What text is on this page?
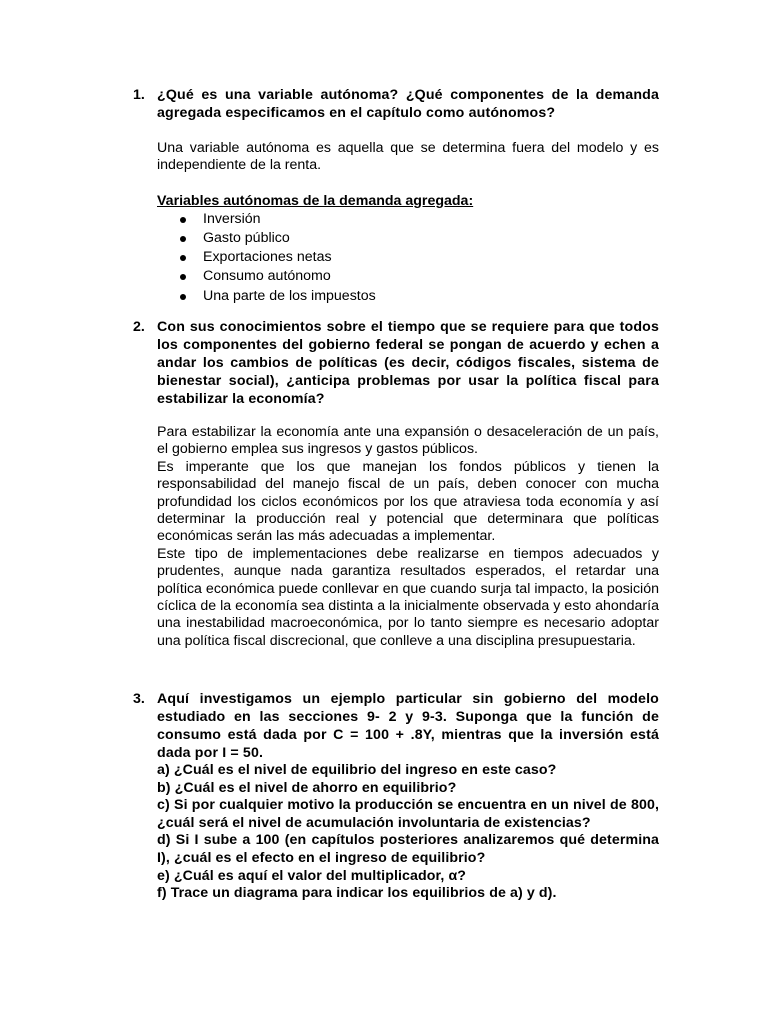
1. ¿Qué es una variable autónoma? ¿Qué componentes de la demanda agregada especificamos en el capítulo como autónomos?

Una variable autónoma es aquella que se determina fuera del modelo y es independiente de la renta.

Variables autónomas de la demanda agregada:
Inversión
Gasto público
Exportaciones netas
Consumo autónomo
Una parte de los impuestos
2. Con sus conocimientos sobre el tiempo que se requiere para que todos los componentes del gobierno federal se pongan de acuerdo y echen a andar los cambios de políticas (es decir, códigos fiscales, sistema de bienestar social), ¿anticipa problemas por usar la política fiscal para estabilizar la economía?

Para estabilizar la economía ante una expansión o desaceleración de un país, el gobierno emplea sus ingresos y gastos públicos.

Es imperante que los que manejan los fondos públicos y tienen la responsabilidad del manejo fiscal de un país, deben conocer con mucha profundidad los ciclos económicos por los que atraviesa toda economía y así determinar la producción real y potencial que determinara que políticas económicas serán las más adecuadas a implementar.

Este tipo de implementaciones debe realizarse en tiempos adecuados y prudentes, aunque nada garantiza resultados esperados, el retardar una política económica puede conllevar en que cuando surja tal impacto, la posición cíclica de la economía sea distinta a la inicialmente observada y esto ahondaría una inestabilidad macroeconómica, por lo tanto siempre es necesario adoptar una política fiscal discrecional, que conlleve a una disciplina presupuestaria.

3. Aquí investigamos un ejemplo particular sin gobierno del modelo estudiado en las secciones 9- 2 y 9-3. Suponga que la función de consumo está dada por C = 100 + .8Y, mientras que la inversión está dada por I = 50.
a) ¿Cuál es el nivel de equilibrio del ingreso en este caso?
b) ¿Cuál es el nivel de ahorro en equilibrio?
c) Si por cualquier motivo la producción se encuentra en un nivel de 800, ¿cuál será el nivel de acumulación involuntaria de existencias?
d) Si I sube a 100 (en capítulos posteriores analizaremos qué determina I), ¿cuál es el efecto en el ingreso de equilibrio?
e) ¿Cuál es aquí el valor del multiplicador, α?
f) Trace un diagrama para indicar los equilibrios de a) y d).
